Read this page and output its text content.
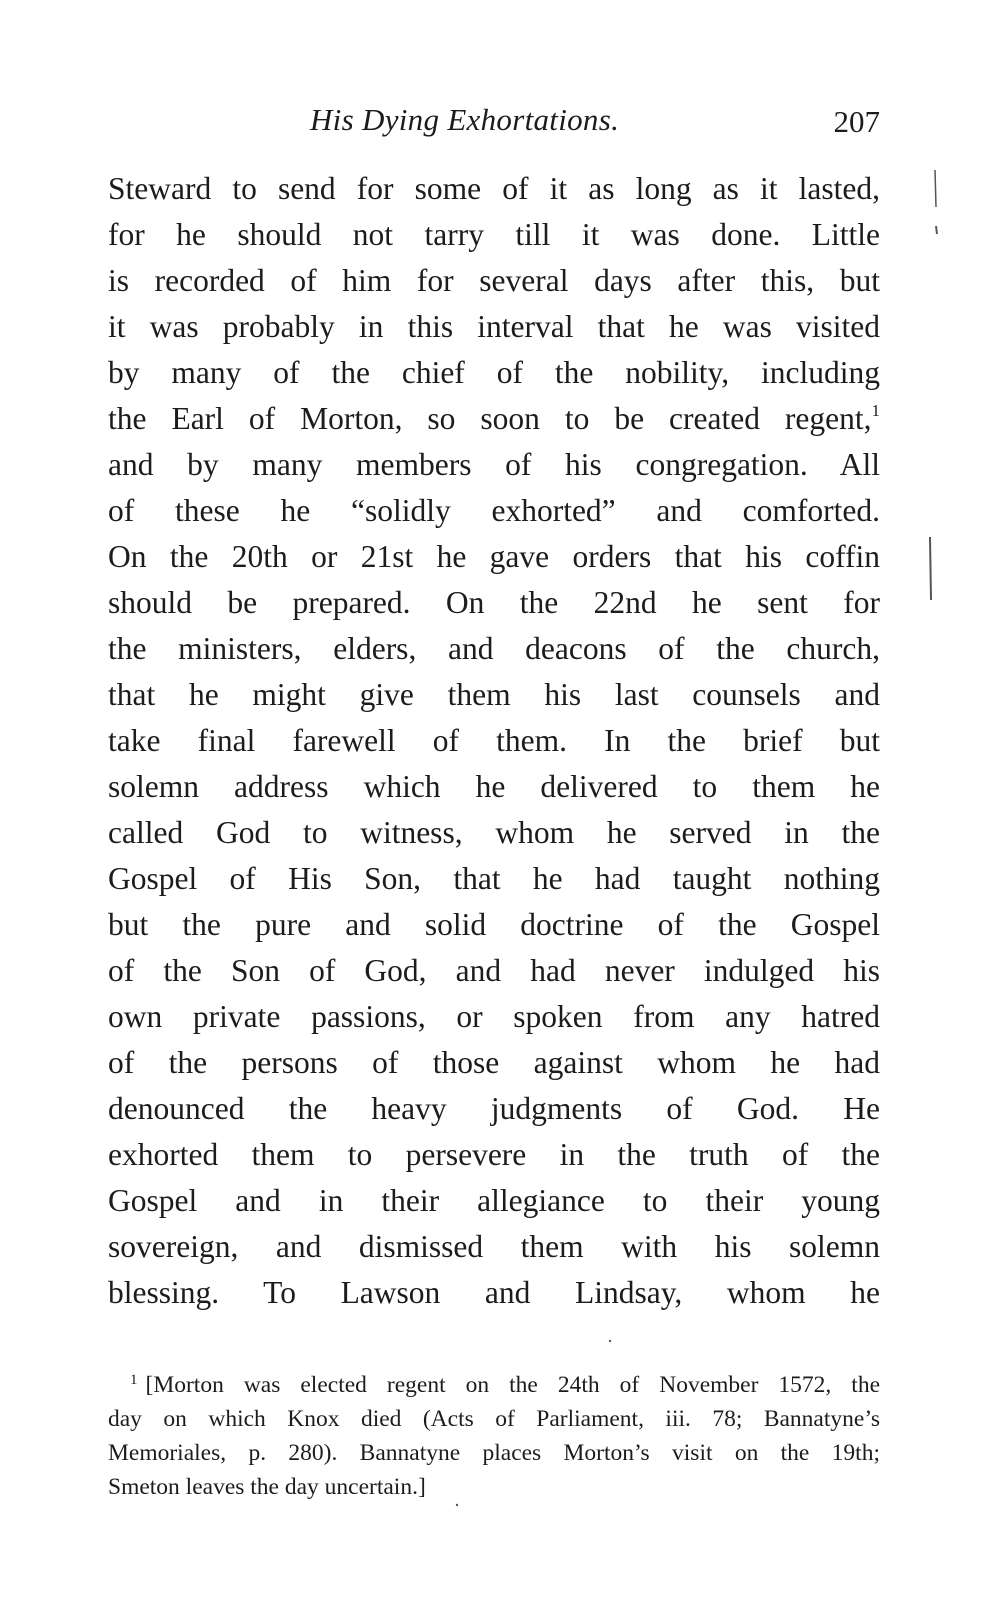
His Dying Exhortations.	207
Steward to send for some of it as long as it lasted,
for he should not tarry till it was done. Little
is recorded of him for several days after this, but
it was probably in this interval that he was visited
by many of the chief of the nobility, including
the Earl of Morton, so soon to be created regent,$^1$
and by many members of his congregation. All
of these he “solidly exhorted” and comforted.
On the 20th or 21st he gave orders that his coffin
should be prepared. On the 22nd he sent for
the ministers, elders, and deacons of the church,
that he might give them his last counsels and
take final farewell of them. In the brief but
solemn address which he delivered to them he
called God to witness, whom he served in the
Gospel of His Son, that he had taught nothing
but the pure and solid doctrine of the Gospel
of the Son of God, and had never indulged his
own private passions, or spoken from any hatred
of the persons of those against whom he had
denounced the heavy judgments of God. He
exhorted them to persevere in the truth of the
Gospel and in their allegiance to their young
sovereign, and dismissed them with his solemn
blessing. To Lawson and Lindsay, whom he
$^1$ [Morton was elected regent on the 24th of November 1572, the
day on which Knox died (Acts of Parliament, iii. 78; Bannatyne’s
Memoriales, p. 280). Bannatyne places Morton’s visit on the 19th;
Smeton leaves the day uncertain.]
